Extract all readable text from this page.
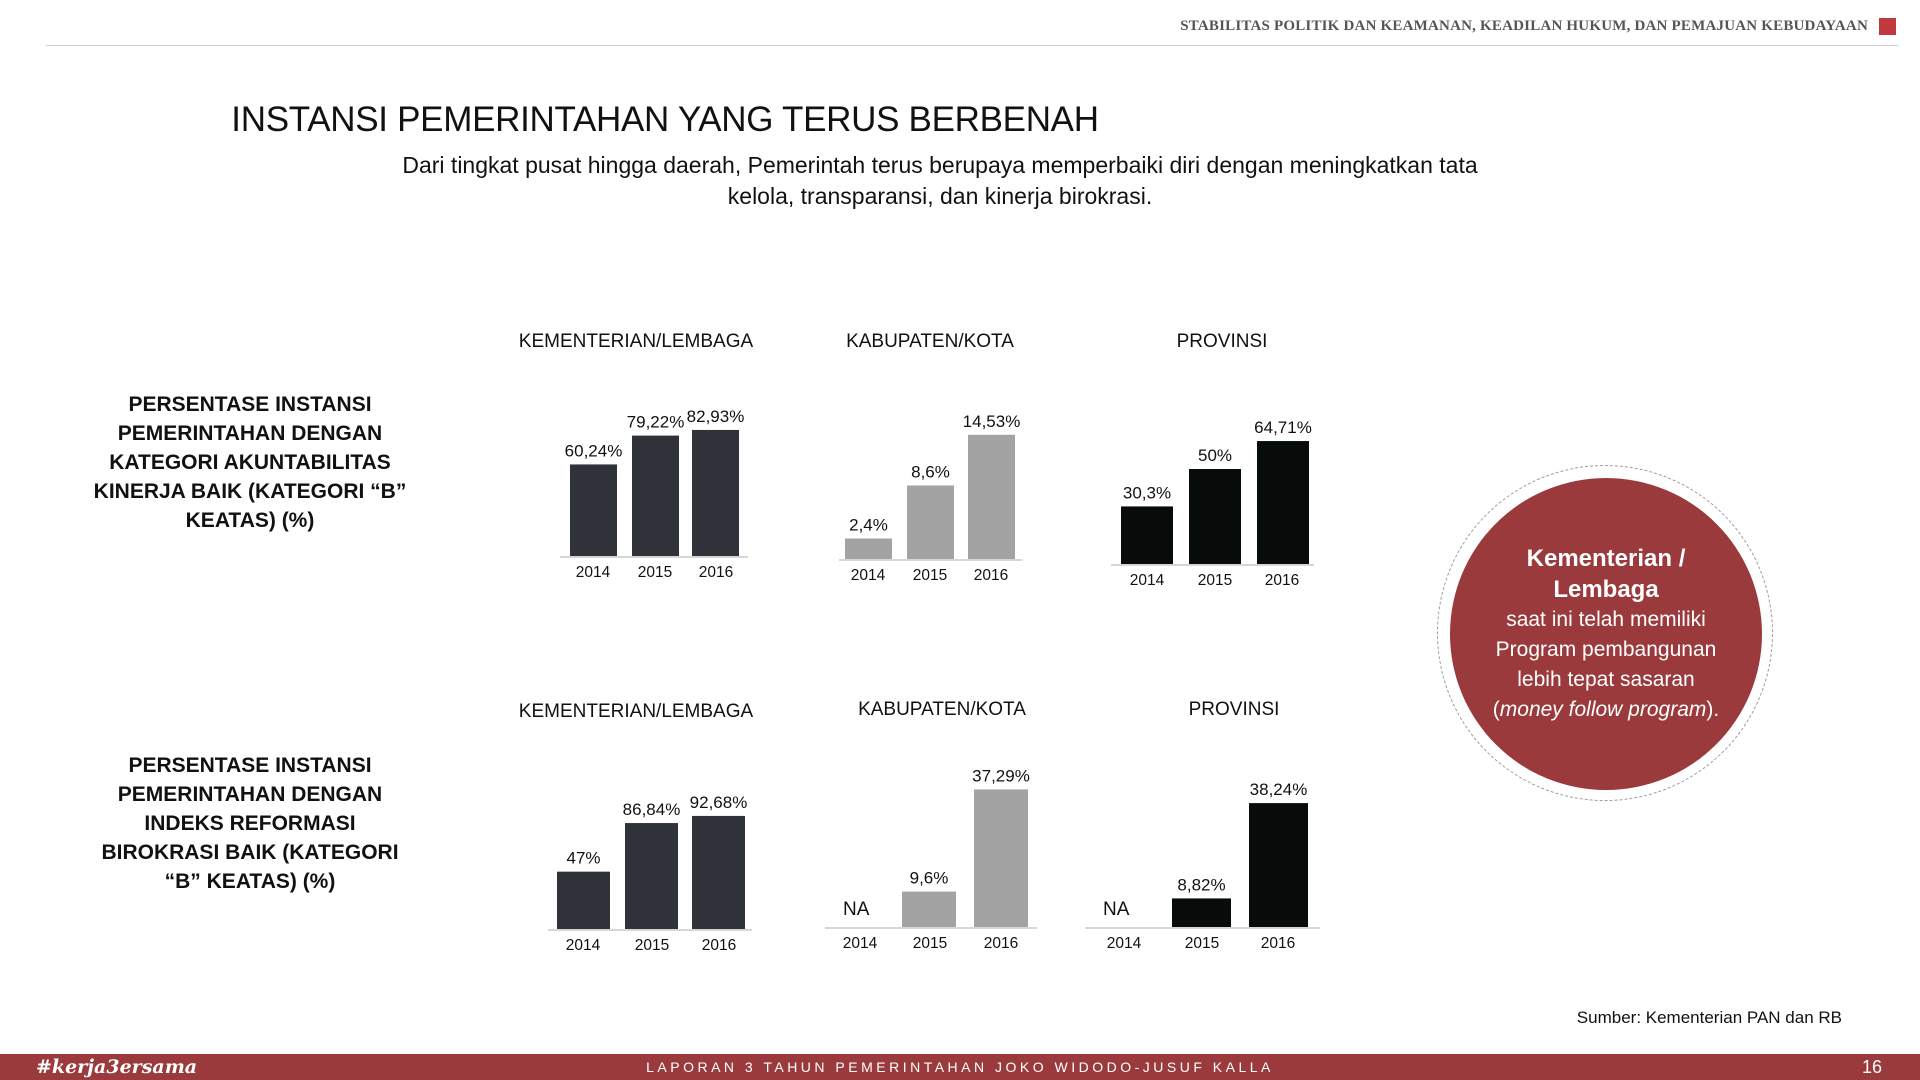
STABILITAS POLITIK DAN KEAMANAN, KEADILAN HUKUM, DAN PEMAJUAN KEBUDAYAAN
INSTANSI PEMERINTAHAN YANG TERUS BERBENAH
Dari tingkat pusat hingga daerah, Pemerintah terus berupaya memperbaiki diri dengan meningkatkan tata kelola, transparansi, dan kinerja birokrasi.
PERSENTASE INSTANSI PEMERINTAHAN DENGAN KATEGORI AKUNTABILITAS KINERJA BAIK (KATEGORI “B” KEATAS) (%)
PERSENTASE INSTANSI PEMERINTAHAN DENGAN INDEKS REFORMASI BIROKRASI BAIK (KATEGORI “B” KEATAS) (%)
KEMENTERIAN/LEMBAGA	KABUPATEN/KOTA	PROVINSI
KEMENTERIAN/LEMBAGA	KABUPATEN/KOTA	PROVINSI
60,24%
2014
79,22%
2015
82,93%
2016
2,4%
2014
8,6%
2015
14,53%
2016
30,3%
2014
50%
2015
64,71%
2016
47%
2014
86,84%
2015
92,68%
2016
NA
2014
9,6%
2015
37,29%
2016
NA
2014
8,82%
2015
38,24%
2016
Kementerian / Lembaga
saat ini telah memiliki Program pembangunan lebih tepat sasaran (money follow program).
Sumber: Kementerian PAN dan RB
#kerja3ersama	LAPORAN 3 TAHUN PEMERINTAHAN JOKO WIDODO-JUSUF KALLA	16
